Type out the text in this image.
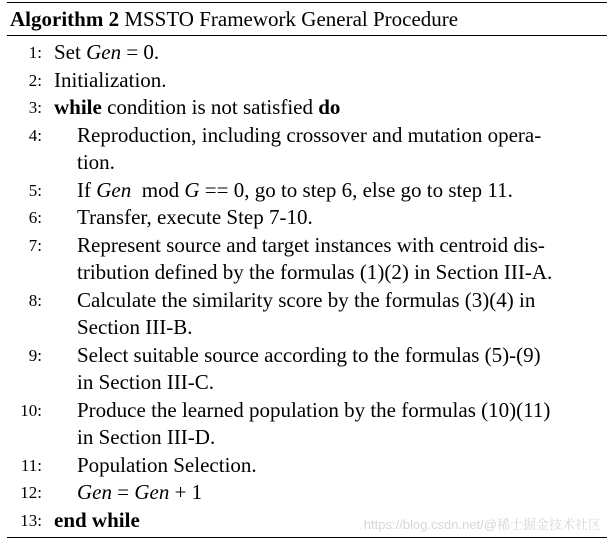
Algorithm 2 MSSTO Framework General Procedure
1: Set Gen = 0.
2: Initialization.
3: while condition is not satisfied do
4: Reproduction, including crossover and mutation opera-
tion.
5: If Gen  mod G == 0, go to step 6, else go to step 11.
6: Transfer, execute Step 7-10.
7: Represent source and target instances with centroid dis-
tribution defined by the formulas (1)(2) in Section III-A.
8: Calculate the similarity score by the formulas (3)(4) in
Section III-B.
9: Select suitable source according to the formulas (5)-(9)
in Section III-C.
10: Produce the learned population by the formulas (10)(11)
in Section III-D.
11: Population Selection.
12: Gen = Gen + 1
13: end while	https://blog.csdn.net/@稀土掘金技术社区
